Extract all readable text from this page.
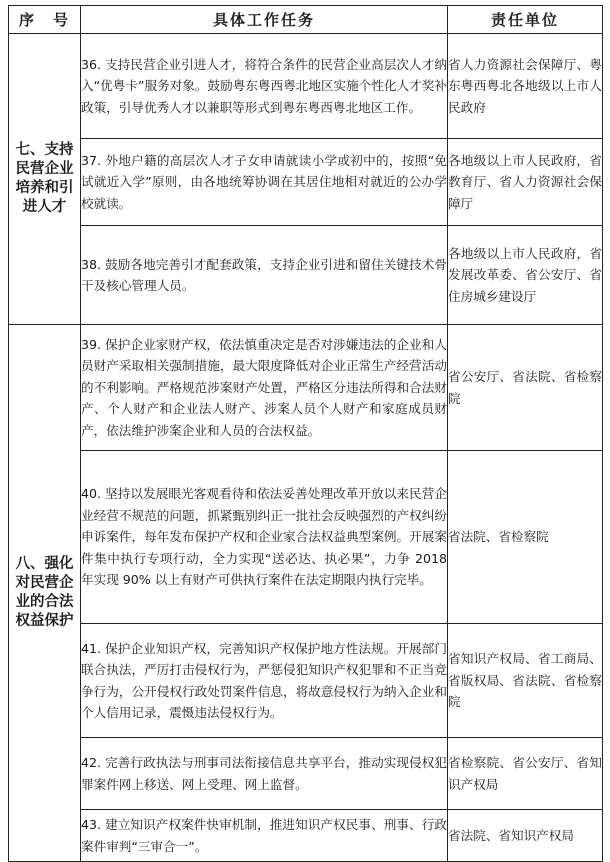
序　号	具体工作任务	责任单位
七、支持民营企业培养和引进人才	36. 支持民营企业引进人才，将符合条件的民营企业高层次人才纳入“优粤卡”服务对象。鼓励粤东粤西粤北地区实施个性化人才奖补政策，引导优秀人才以兼职等形式到粤东粤西粤北地区工作。	省人力资源社会保障厅、粤东粤西粤北各地级以上市人民政府

	37. 外地户籍的高层次人才子女申请就读小学或初中的，按照“免试就近入学”原则，由各地统筹协调在其居住地相对就近的公办学校就读。	各地级以上市人民政府，省教育厅、省人力资源社会保障厅

	38. 鼓励各地完善引才配套政策，支持企业引进和留住关键技术骨干及核心管理人员。	各地级以上市人民政府，省发展改革委、省公安厅、省住房城乡建设厅

八、强化对民营企业的合法权益保护	39. 保护企业家财产权，依法慎重决定是否对涉嫌违法的企业和人员财产采取相关强制措施，最大限度降低对企业正常生产经营活动的不利影响。严格规范涉案财产处置，严格区分违法所得和合法财产、个人财产和企业法人财产、涉案人员个人财产和家庭成员财产，依法维护涉案企业和人员的合法权益。	省公安厅、省法院、省检察院

	40. 坚持以发展眼光客观看待和依法妥善处理改革开放以来民营企业经营不规范的问题，抓紧甄别纠正一批社会反映强烈的产权纠纷申诉案件，每年发布保护产权和企业家合法权益典型案例。开展案件集中执行专项行动，全力实现“送必达、执必果”，力争 2018 年实现 90% 以上有财产可供执行案件在法定期限内执行完毕。	省法院、省检察院

	41. 保护企业知识产权，完善知识产权保护地方性法规。开展部门联合执法，严厉打击侵权行为，严惩侵犯知识产权犯罪和不正当竞争行为，公开侵权行政处罚案件信息，将故意侵权行为纳入企业和个人信用记录，震慑违法侵权行为。	省知识产权局、省工商局、省版权局、省法院、省检察院

	42. 完善行政执法与刑事司法衔接信息共享平台，推动实现侵权犯罪案件网上移送、网上受理、网上监督。	省检察院、省公安厅、省知识产权局

	43. 建立知识产权案件快审机制，推进知识产权民事、刑事、行政案件审判“三审合一”。	省法院、省知识产权局
